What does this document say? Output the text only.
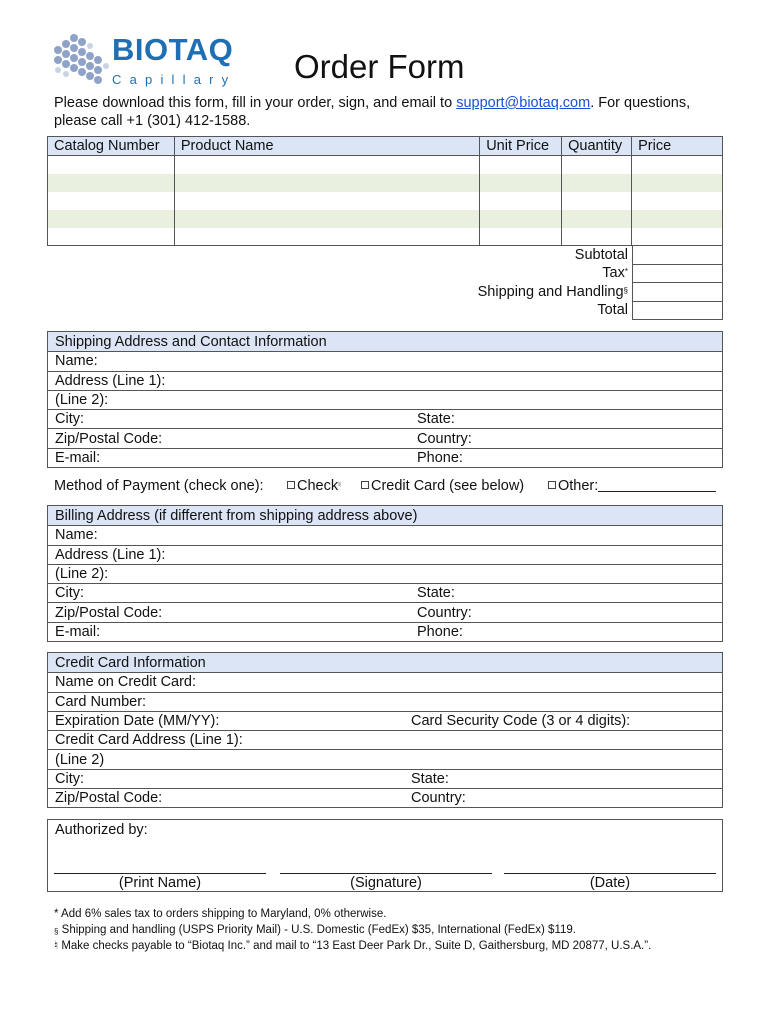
BIOTAQ
Capillary Order Form
Please download this form, fill in your order, sign, and email to support@biotaq.com. For questions, please call +1 (301) 412-1588.
Catalog Number	Product Name	Unit Price	Quantity	Price

Subtotal	
Tax*	
Shipping and Handling§	
Total	
Shipping Address and Contact Information
Name:
Address (Line 1):
(Line 2):
City:	State:
Zip/Postal Code:	Country:
E-mail:	Phone:
Method of Payment (check one):	Check♮	Credit Card (see below)	Other:
Billing Address (if different from shipping address above)
Name:
Address (Line 1):
(Line 2):
City:	State:
Zip/Postal Code:	Country:
E-mail:	Phone:
Credit Card Information
Name on Credit Card:
Card Number:
Expiration Date (MM/YY):	Card Security Code (3 or 4 digits):
Credit Card Address (Line 1):
(Line 2)
City:	State:
Zip/Postal Code:	Country:
Authorized by:
(Print Name)	(Signature)	(Date)
* Add 6% sales tax to orders shipping to Maryland, 0% otherwise.
§ Shipping and handling (USPS Priority Mail) - U.S. Domestic (FedEx) $35, International (FedEx) $119.
♮ Make checks payable to “Biotaq Inc.” and mail to “13 East Deer Park Dr., Suite D, Gaithersburg, MD 20877, U.S.A.”.
